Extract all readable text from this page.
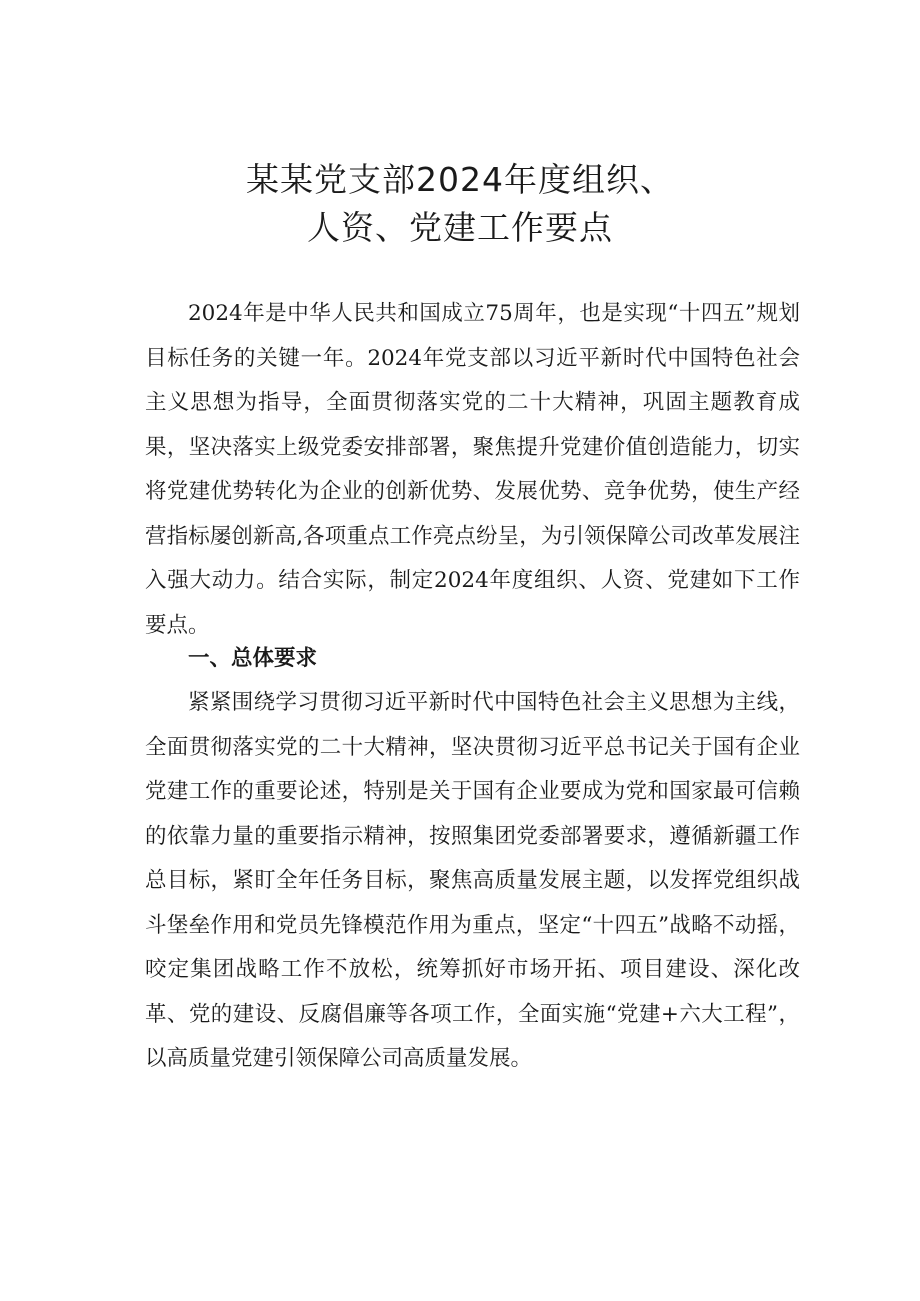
某某党支部2024年度组织、
人资、党建工作要点

2024年是中华人民共和国成立75周年，也是实现“十四五”规划目标任务的关键一年。2024年党支部以习近平新时代中国特色社会主义思想为指导，全面贯彻落实党的二十大精神，巩固主题教育成果，坚决落实上级党委安排部署，聚焦提升党建价值创造能力，切实将党建优势转化为企业的创新优势、发展优势、竞争优势，使生产经营指标屡创新高,各项重点工作亮点纷呈，为引领保障公司改革发展注入强大动力。结合实际，制定2024年度组织、人资、党建如下工作要点。

一、总体要求

紧紧围绕学习贯彻习近平新时代中国特色社会主义思想为主线，全面贯彻落实党的二十大精神，坚决贯彻习近平总书记关于国有企业党建工作的重要论述，特别是关于国有企业要成为党和国家最可信赖的依靠力量的重要指示精神，按照集团党委部署要求，遵循新疆工作总目标，紧盯全年任务目标，聚焦高质量发展主题，以发挥党组织战斗堡垒作用和党员先锋模范作用为重点，坚定“十四五”战略不动摇，咬定集团战略工作不放松，统筹抓好市场开拓、项目建设、深化改革、党的建设、反腐倡廉等各项工作，全面实施“党建+六大工程”，以高质量党建引领保障公司高质量发展。
